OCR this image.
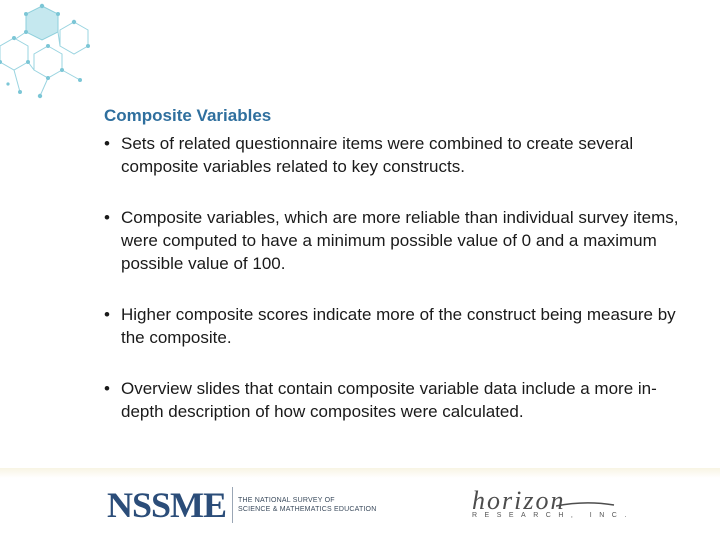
Composite Variables
• Sets of related questionnaire items were combined to create several composite variables related to key constructs.
• Composite variables, which are more reliable than individual survey items, were computed to have a minimum possible value of 0 and a maximum possible value of 100.
• Higher composite scores indicate more of the construct being measure by the composite.
• Overview slides that contain composite variable data include a more in-depth description of how composites were calculated.
NSSME THE NATIONAL SURVEY OF
SCIENCE & MATHEMATICS EDUCATION	horizon
RESEARCH, INC.
